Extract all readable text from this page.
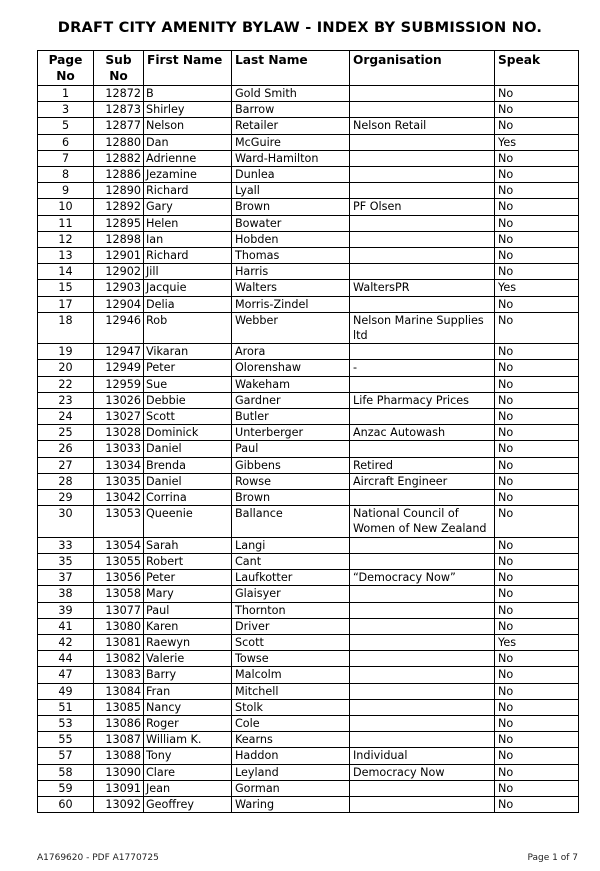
DRAFT CITY AMENITY BYLAW - INDEX BY SUBMISSION NO.
Page No	Sub No	First Name	Last Name	Organisation	Speak
1	12872	B	Gold Smith		No
3	12873	Shirley	Barrow		No
5	12877	Nelson	Retailer	Nelson Retail	No
6	12880	Dan	McGuire		Yes
7	12882	Adrienne	Ward-Hamilton		No
8	12886	Jezamine	Dunlea		No
9	12890	Richard	Lyall		No
10	12892	Gary	Brown	PF Olsen	No
11	12895	Helen	Bowater		No
12	12898	Ian	Hobden		No
13	12901	Richard	Thomas		No
14	12902	Jill	Harris		No
15	12903	Jacquie	Walters	WaltersPR	Yes
17	12904	Delia	Morris-Zindel		No
18	12946	Rob	Webber	Nelson Marine Supplies ltd	No
19	12947	Vikaran	Arora		No
20	12949	Peter	Olorenshaw	-	No
22	12959	Sue	Wakeham		No
23	13026	Debbie	Gardner	Life Pharmacy Prices	No
24	13027	Scott	Butler		No
25	13028	Dominick	Unterberger	Anzac Autowash	No
26	13033	Daniel	Paul		No
27	13034	Brenda	Gibbens	Retired	No
28	13035	Daniel	Rowse	Aircraft Engineer	No
29	13042	Corrina	Brown		No
30	13053	Queenie	Ballance	National Council of Women of New Zealand	No
33	13054	Sarah	Langi		No
35	13055	Robert	Cant		No
37	13056	Peter	Laufkotter	“Democracy Now”	No
38	13058	Mary	Glaisyer		No
39	13077	Paul	Thornton		No
41	13080	Karen	Driver		No
42	13081	Raewyn	Scott		Yes
44	13082	Valerie	Towse		No
47	13083	Barry	Malcolm		No
49	13084	Fran	Mitchell		No
51	13085	Nancy	Stolk		No
53	13086	Roger	Cole		No
55	13087	William K.	Kearns		No
57	13088	Tony	Haddon	Individual	No
58	13090	Clare	Leyland	Democracy Now	No
59	13091	Jean	Gorman		No
60	13092	Geoffrey	Waring		No
A1769620 - PDF A1770725	Page 1 of 7
